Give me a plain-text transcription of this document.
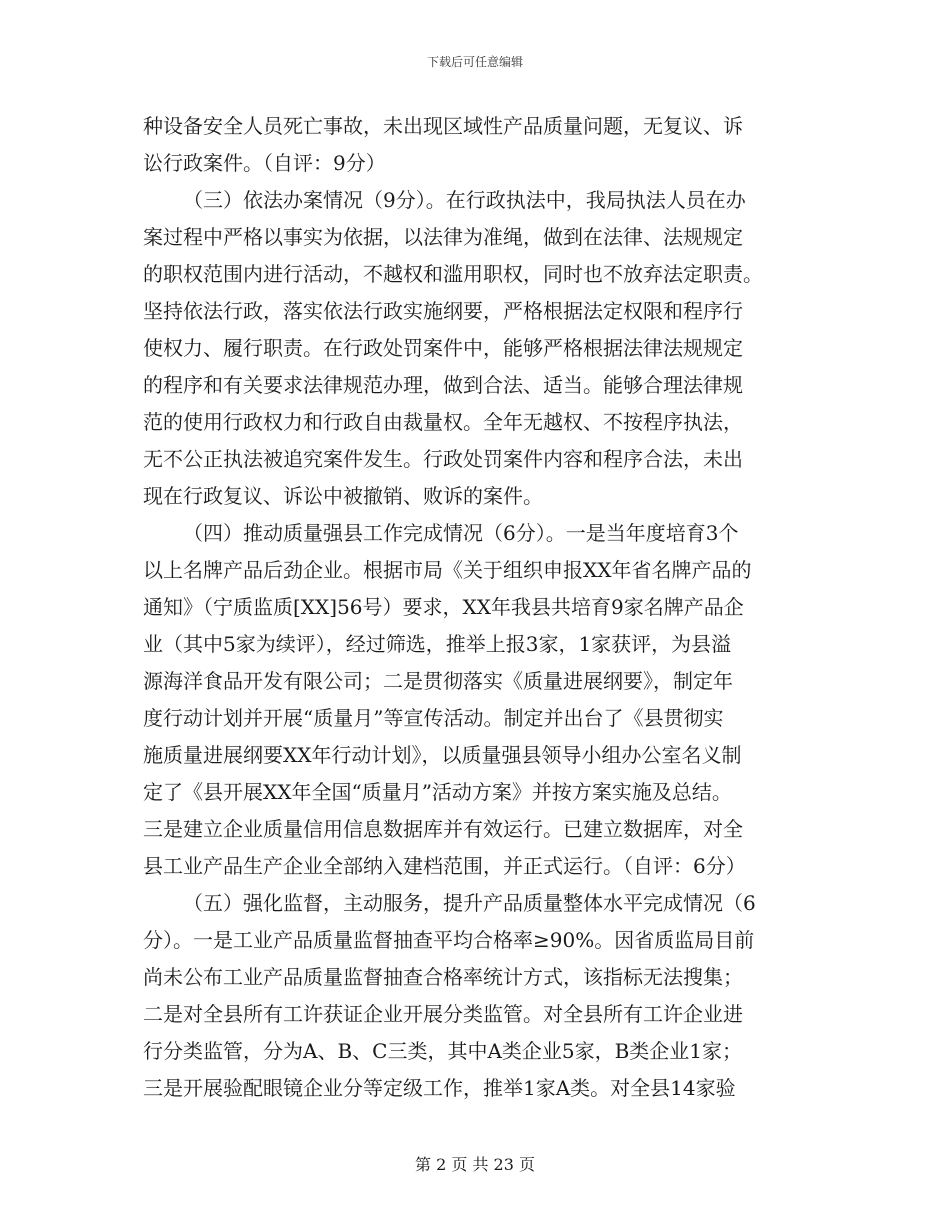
下载后可任意编辑
种设备安全人员死亡事故，未出现区域性产品质量问题，无复议、诉
讼行政案件。（自评：9分）
（三）依法办案情况（9分）。在行政执法中，我局执法人员在办
案过程中严格以事实为依据，以法律为准绳，做到在法律、法规规定
的职权范围内进行活动，不越权和滥用职权，同时也不放弃法定职责。
坚持依法行政，落实依法行政实施纲要，严格根据法定权限和程序行
使权力、履行职责。在行政处罚案件中，能够严格根据法律法规规定
的程序和有关要求法律规范办理，做到合法、适当。能够合理法律规
范的使用行政权力和行政自由裁量权。全年无越权、不按程序执法，
无不公正执法被追究案件发生。行政处罚案件内容和程序合法，未出
现在行政复议、诉讼中被撤销、败诉的案件。
（四）推动质量强县工作完成情况（6分）。一是当年度培育3个
以上名牌产品后劲企业。根据市局《关于组织申报XX年省名牌产品的
通知》（宁质监质[XX]56号）要求，XX年我县共培育9家名牌产品企
业（其中5家为续评），经过筛选，推举上报3家，1家获评，为县溢
源海洋食品开发有限公司；二是贯彻落实《质量进展纲要》，制定年
度行动计划并开展“质量月”等宣传活动。制定并出台了《县贯彻实
施质量进展纲要XX年行动计划》，以质量强县领导小组办公室名义制
定了《县开展XX年全国“质量月”活动方案》并按方案实施及总结。
三是建立企业质量信用信息数据库并有效运行。已建立数据库，对全
县工业产品生产企业全部纳入建档范围，并正式运行。（自评：6分）
（五）强化监督，主动服务，提升产品质量整体水平完成情况（6
分）。一是工业产品质量监督抽查平均合格率≥90%。因省质监局目前
尚未公布工业产品质量监督抽查合格率统计方式，该指标无法搜集；
二是对全县所有工许获证企业开展分类监管。对全县所有工许企业进
行分类监管，分为A、B、C三类，其中A类企业5家，B类企业1家；
三是开展验配眼镜企业分等定级工作，推举1家A类。对全县14家验
第 2 页 共 23 页
